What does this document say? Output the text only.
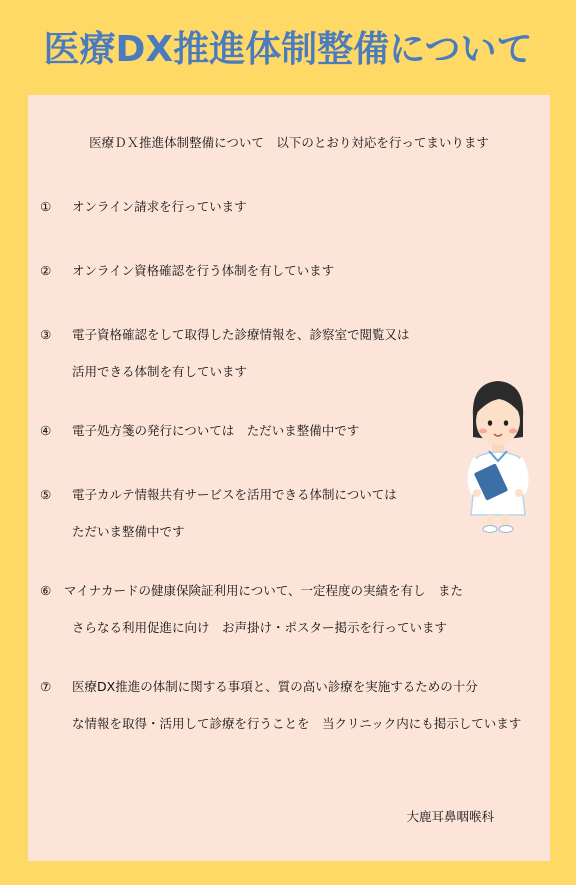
医療DX推進体制整備について

医療ＤＸ推進体制整備について　以下のとおり対応を行ってまいります

① オンライン請求を行っています
② オンライン資格確認を行う体制を有しています
③ 電子資格確認をして取得した診療情報を、診察室で閲覧又は
活用できる体制を有しています
④ 電子処方箋の発行については　ただいま整備中です
⑤ 電子カルテ情報共有サービスを活用できる体制については
ただいま整備中です
⑥ マイナカードの健康保険証利用について、一定程度の実績を有し　また
さらなる利用促進に向け　お声掛け・ポスター掲示を行っています
⑦ 医療DX推進の体制に関する事項と、質の高い診療を実施するための十分
な情報を取得・活用して診療を行うことを　当クリニック内にも掲示しています
大鹿耳鼻咽喉科
